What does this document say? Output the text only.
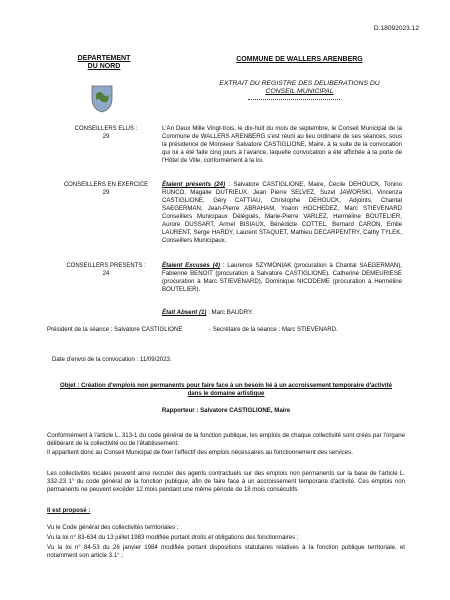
D.18092023.12
DEPARTEMENT
DU NORD
COMMUNE DE WALLERS ARENBERG
EXTRAIT DU REGISTRE DES DELIBERATIONS DU
CONSEIL MUNICIPAL
CONSEILLERS ELUS :
29
L'An Deux Mille Vingt-trois, le dix-huit du mois de septembre, le Conseil Municipal de la Commune de WALLERS ARENBERG s'est réuni au lieu ordinaire de ses séances, sous la présidence de Monsieur Salvatore CASTIGLIONE, Maire, à la suite de la convocation qui lui a été faite cinq jours à l'avance, laquelle convocation a été affichée à la porte de l'Hôtel de Ville, conformément à la loi.
CONSEILLERS EN EXERCICE
29
Étaient présents (24) : Salvatore CASTIGLIONE, Maire, Cécile DEHOUCK, Tonino RUNCO, Magalie DUTRIEUX, Jean Pierre SELVEZ, Suzel JAWORSKI, Vincenza CASTIGLIONE, Géry CATTIAU, Christophe DEHOUCK, Adjoints, Chantal SAEGERMAN, Jean-Pierre ABRAHAM, Yoann HOCHEDEZ, Marc STIEVENARD Conseillers Municipaux Délégués, Marie-Pierre VARLEZ, Herméline BOUTELIER, Aurore DUSSART, Armel BISIAUX, Bénédicte COTTEL, Bernard CARON, Emile LAURENT, Serge HARDY, Laurent STAQUET, Mathieu DECARPENTRY, Cathy TYLEK, Conseillers Municipaux.
CONSEILLERS PRESENTS :
24
Étaient Excusés (4) : Laurence SZYMONIAK (procuration à Chantal SAEGERMAN), Fabienne BENOIT (procuration à Salvatore CASTIGLIONE), Catherine DEMEURIESE (procuration à Marc STIEVENARD), Dominique NICODEME (procuration à Herméline BOUTELIER).
Était Absent (1) : Marc BAUDRY.
Président de la séance : Salvatore CASTIGLIONE	- Secrétaire de la séance : Marc STIEVENARD.
Date d'envoi de la convocation : 11/09/2023.
Objet : Création d'emplois non permanents pour faire face à un besoin lié à un accroissement temporaire d'activité
dans le domaine artistique
Rapporteur : Salvatore CASTIGLIONE, Maire
Conformément à l'article L. 313-1 du code général de la fonction publique, les emplois de chaque collectivité sont créés par l'organe délibérant de la collectivité ou de l'établissement.
Il appartient donc au Conseil Municipal de fixer l'effectif des emplois nécessaires au fonctionnement des services.
Les collectivités locales peuvent ainsi recruter des agents contractuels sur des emplois non permanents sur la base de l'article L. 332-23 1° du code général de la fonction publique, afin de faire face à un accroissement temporaire d'activité. Ces emplois non permanents ne peuvent excéder 12 mois pendant une même période de 18 mois consécutifs.
Il est proposé :
Vu le Code général des collectivités territoriales ;
Vu la loi n° 83-634 du 13 juillet 1983 modifiée portant droits et obligations des fonctionnaires ;
Vu la loi n° 84-53 du 26 janvier 1984 modifiée portant dispositions statutaires relatives à la fonction publique territoriale, et notamment son article 3.1° ;
